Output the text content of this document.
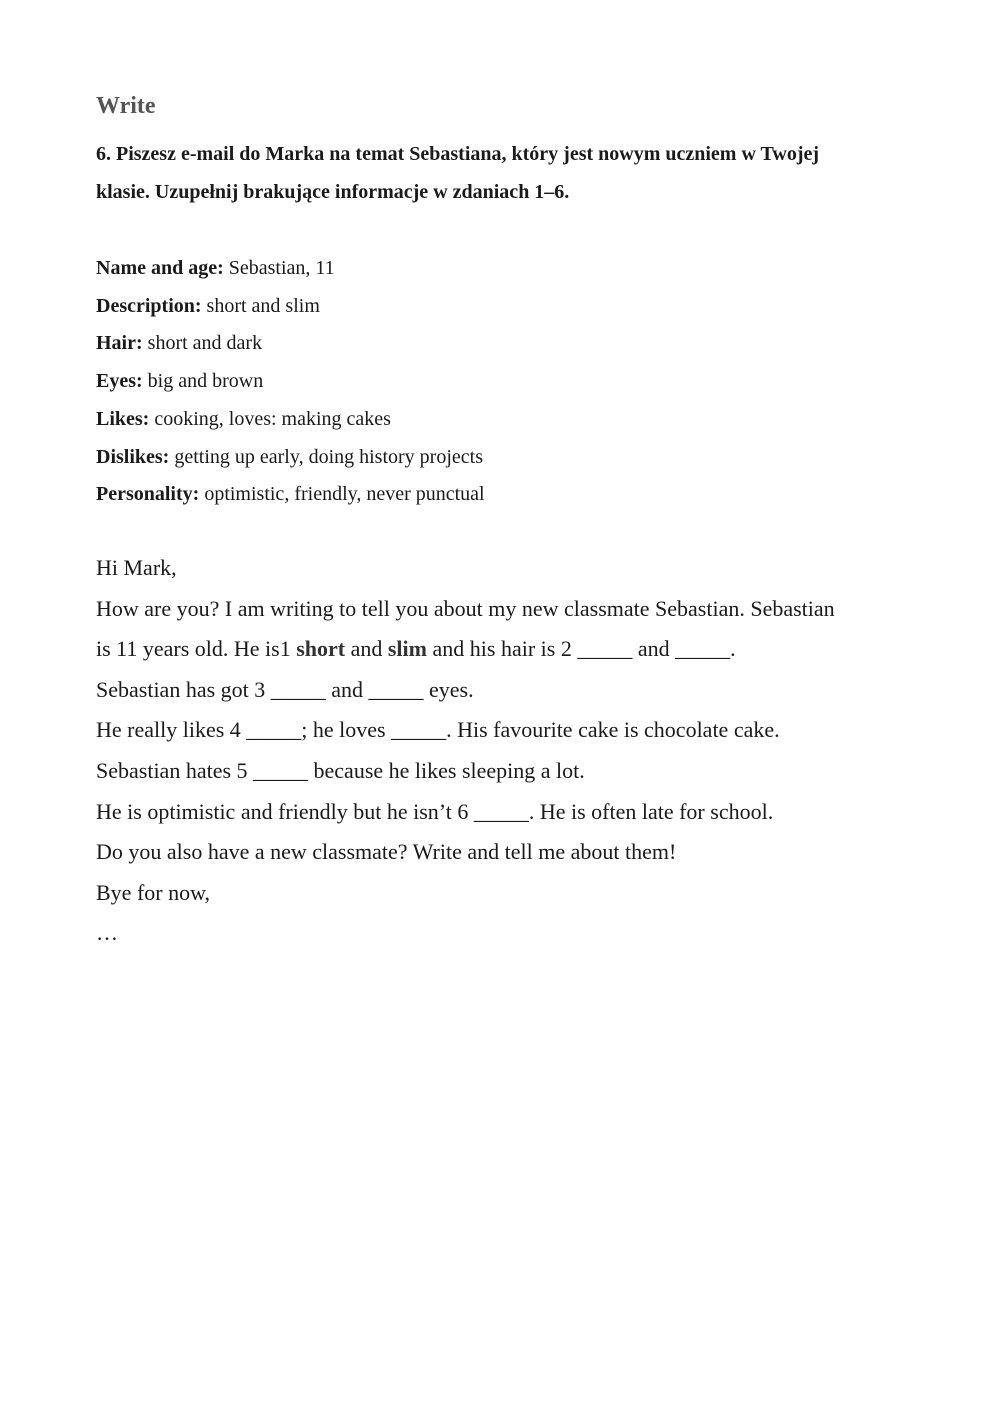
Write
6. Piszesz e-mail do Marka na temat Sebastiana, który jest nowym uczniem w Twojej
klasie. Uzupełnij brakujące informacje w zdaniach 1–6.
Name and age: Sebastian, 11
Description: short and slim
Hair: short and dark
Eyes: big and brown
Likes: cooking, loves: making cakes
Dislikes: getting up early, doing history projects
Personality: optimistic, friendly, never punctual
Hi Mark,
How are you? I am writing to tell you about my new classmate Sebastian. Sebastian
is 11 years old. He is1 short and slim and his hair is 2 _____ and _____.
Sebastian has got 3 _____ and _____ eyes.
He really likes 4 _____; he loves _____. His favourite cake is chocolate cake.
Sebastian hates 5 _____ because he likes sleeping a lot.
He is optimistic and friendly but he isn’t 6 _____. He is often late for school.
Do you also have a new classmate? Write and tell me about them!
Bye for now,
…
